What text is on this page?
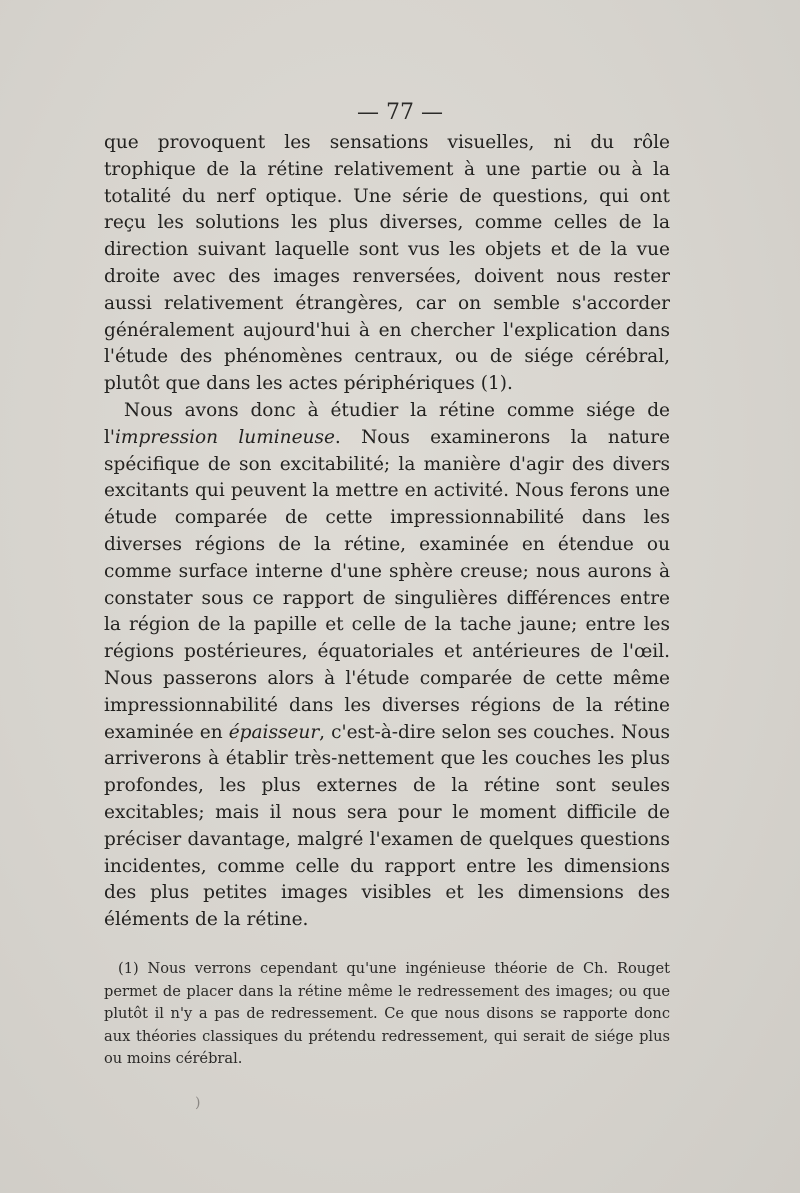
— 77 —

que provoquent les sensations visuelles, ni du rôle trophique de la rétine relativement à une partie ou à la totalité du nerf optique. Une série de questions, qui ont reçu les solutions les plus diverses, comme celles de la direction suivant laquelle sont vus les objets et de la vue droite avec des images renversées, doivent nous rester aussi relativement étrangères, car on semble s'accorder généralement aujourd'hui à en chercher l'explication dans l'étude des phénomènes centraux, ou de siége cérébral, plutôt que dans les actes périphériques (1).

Nous avons donc à étudier la rétine comme siége de l'impression lumineuse. Nous examinerons la nature spécifique de son excitabilité; la manière d'agir des divers excitants qui peuvent la mettre en activité. Nous ferons une étude comparée de cette impressionnabilité dans les diverses régions de la rétine, examinée en étendue ou comme surface interne d'une sphère creuse; nous aurons à constater sous ce rapport de singulières différences entre la région de la papille et celle de la tache jaune; entre les régions postérieures, équatoriales et antérieures de l'œil. Nous passerons alors à l'étude comparée de cette même impressionnabilité dans les diverses régions de la rétine examinée en épaisseur, c'est-à-dire selon ses couches. Nous arriverons à établir très-nettement que les couches les plus profondes, les plus externes de la rétine sont seules excitables; mais il nous sera pour le moment difficile de préciser davantage, malgré l'examen de quelques questions incidentes, comme celle du rapport entre les dimensions des plus petites images visibles et les dimensions des éléments de la rétine.

(1) Nous verrons cependant qu'une ingénieuse théorie de Ch. Rouget permet de placer dans la rétine même le redressement des images; ou que plutôt il n'y a pas de redressement. Ce que nous disons se rapporte donc aux théories classiques du prétendu redressement, qui serait de siége plus ou moins cérébral.

)
